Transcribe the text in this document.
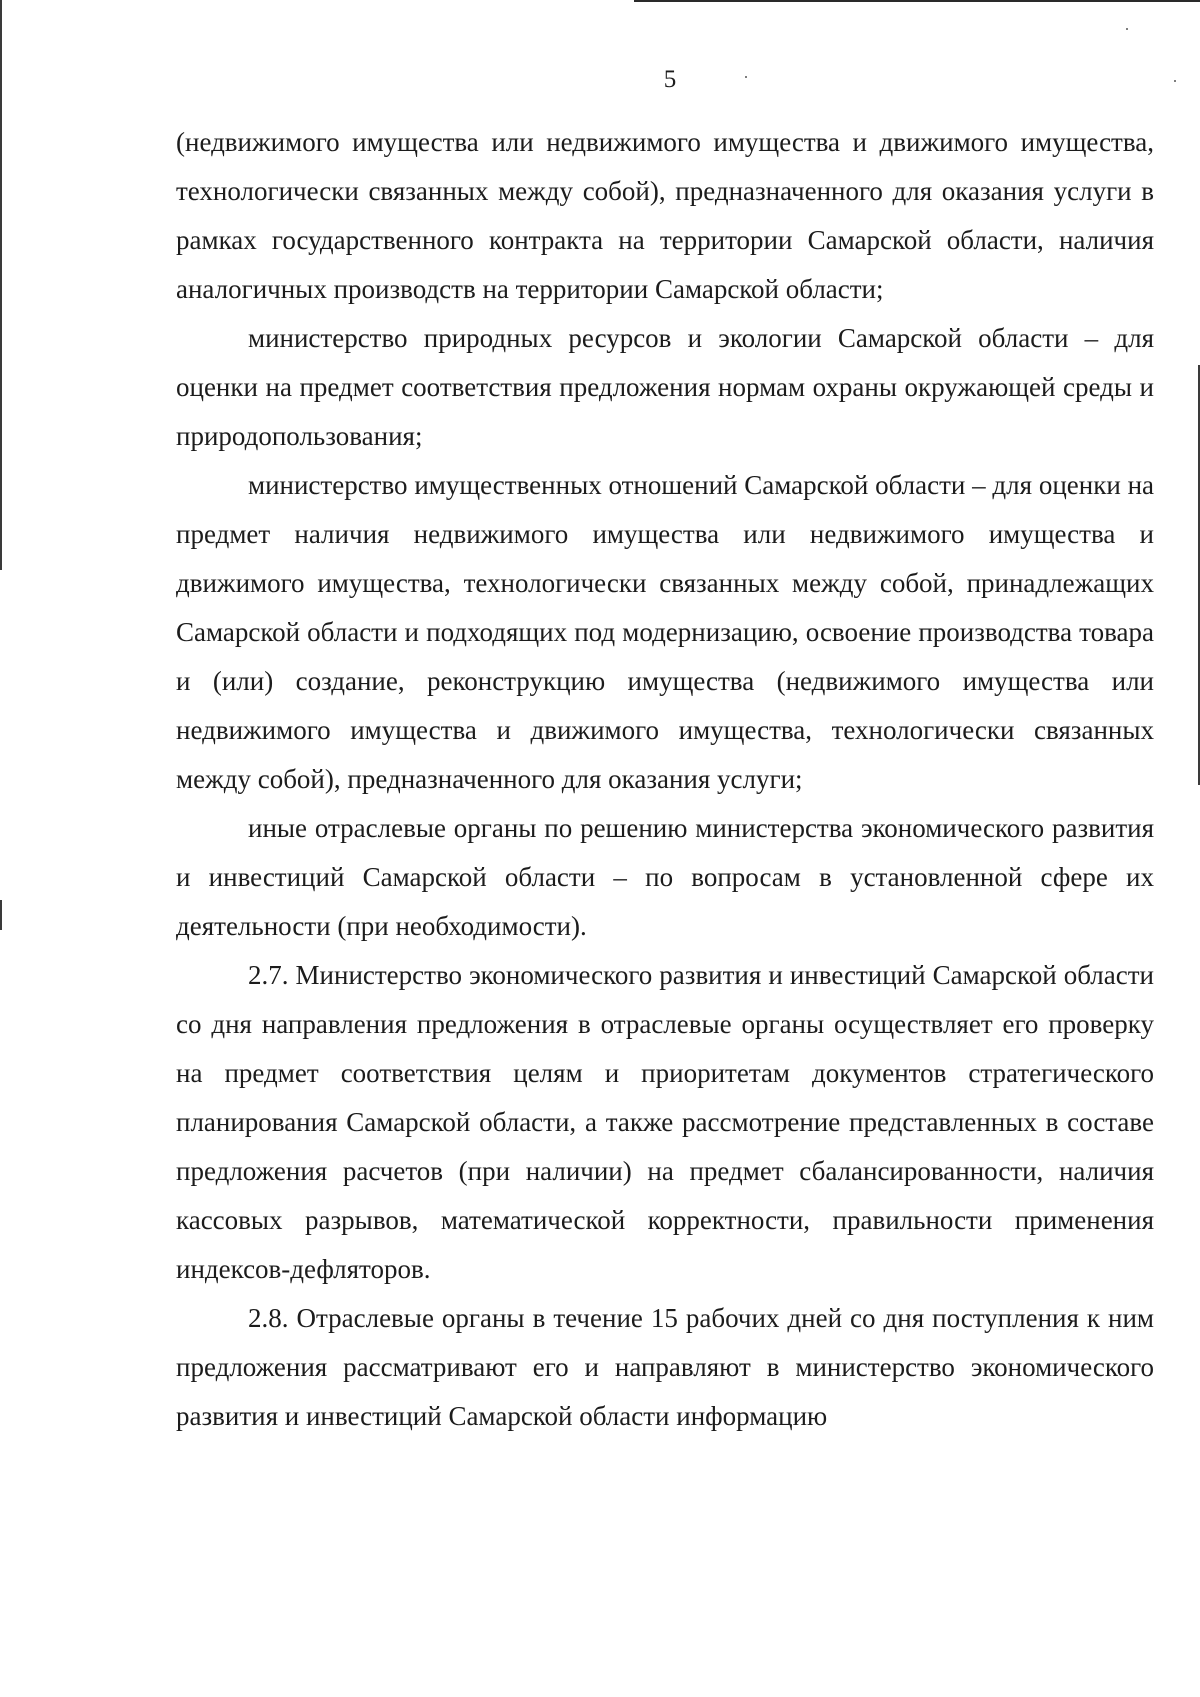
5

(недвижимого имущества или недвижимого имущества и движимого имущества, технологически связанных между собой), предназначенного для оказания услуги в рамках государственного контракта на территории Самарской области, наличия аналогичных производств на территории Самарской области;

министерство природных ресурсов и экологии Самарской области – для оценки на предмет соответствия предложения нормам охраны окружающей среды и природопользования;

министерство имущественных отношений Самарской области – для оценки на предмет наличия недвижимого имущества или недвижимого имущества и движимого имущества, технологически связанных между собой, принадлежащих Самарской области и подходящих под модернизацию, освоение производства товара и (или) создание, реконструкцию имущества (недвижимого имущества или недвижимого имущества и движимого имущества, технологически связанных между собой), предназначенного для оказания услуги;

иные отраслевые органы по решению министерства экономического развития и инвестиций Самарской области – по вопросам в установленной сфере их деятельности (при необходимости).

2.7. Министерство экономического развития и инвестиций Самарской области со дня направления предложения в отраслевые органы осуществляет его проверку на предмет соответствия целям и приоритетам документов стратегического планирования Самарской области, а также рассмотрение представленных в составе предложения расчетов (при наличии) на предмет сбалансированности, наличия кассовых разрывов, математической корректности, правильности применения индексов-дефляторов.

2.8. Отраслевые органы в течение 15 рабочих дней со дня поступления к ним предложения рассматривают его и направляют в министерство экономического развития и инвестиций Самарской области информацию
